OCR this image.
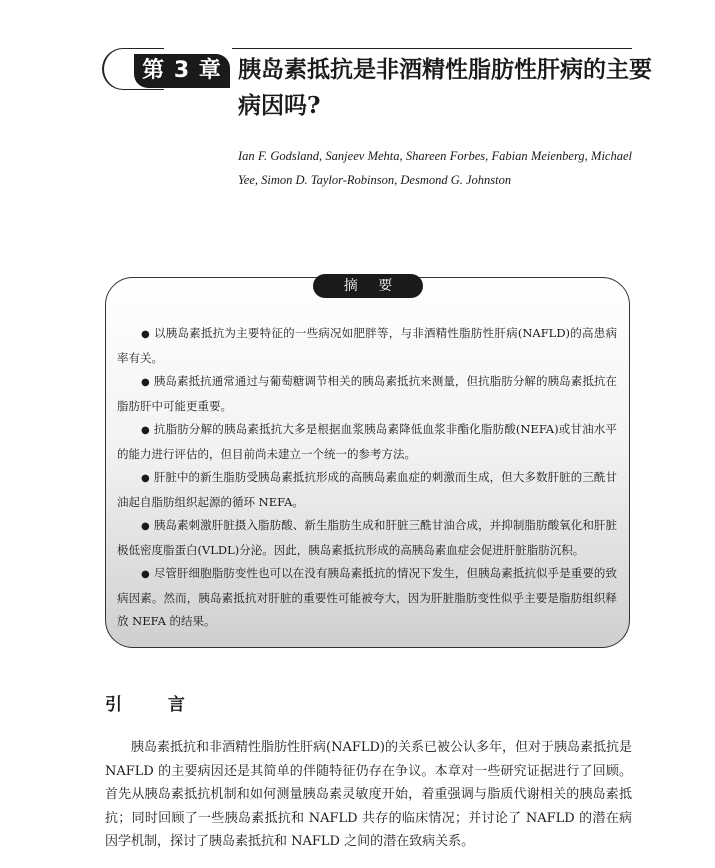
第 3 章 胰岛素抵抗是非酒精性脂肪性肝病的主要病因吗?

Ian F. Godsland, Sanjeev Mehta, Shareen Forbes, Fabian Meienberg, Michael Yee, Simon D. Taylor-Robinson, Desmond G. Johnston

摘 要
● 以胰岛素抵抗为主要特征的一些病况如肥胖等，与非酒精性脂肪性肝病(NAFLD)的高患病率有关。
● 胰岛素抵抗通常通过与葡萄糖调节相关的胰岛素抵抗来测量，但抗脂肪分解的胰岛素抵抗在脂肪肝中可能更重要。
● 抗脂肪分解的胰岛素抵抗大多是根据血浆胰岛素降低血浆非酯化脂肪酸(NEFA)或甘油水平的能力进行评估的，但目前尚未建立一个统一的参考方法。
● 肝脏中的新生脂肪受胰岛素抵抗形成的高胰岛素血症的刺激而生成，但大多数肝脏的三酰甘油起自脂肪组织起源的循环 NEFA。
● 胰岛素刺激肝脏摄入脂肪酸、新生脂肪生成和肝脏三酰甘油合成，并抑制脂肪酸氧化和肝脏极低密度脂蛋白(VLDL)分泌。因此，胰岛素抵抗形成的高胰岛素血症会促进肝脏脂肪沉积。
● 尽管肝细胞脂肪变性也可以在没有胰岛素抵抗的情况下发生，但胰岛素抵抗似乎是重要的致病因素。然而，胰岛素抵抗对肝脏的重要性可能被夸大，因为肝脏脂肪变性似乎主要是脂肪组织释放 NEFA 的结果。
引 言

胰岛素抵抗和非酒精性脂肪性肝病(NAFLD)的关系已被公认多年，但对于胰岛素抵抗是 NAFLD 的主要病因还是其简单的伴随特征仍存在争议。本章对一些研究证据进行了回顾。首先从胰岛素抵抗机制和如何测量胰岛素灵敏度开始，着重强调与脂质代谢相关的胰岛素抵抗；同时回顾了一些胰岛素抵抗和 NAFLD 共存的临床情况；并讨论了 NAFLD 的潜在病因学机制，探讨了胰岛素抵抗和 NAFLD 之间的潜在致病关系。
